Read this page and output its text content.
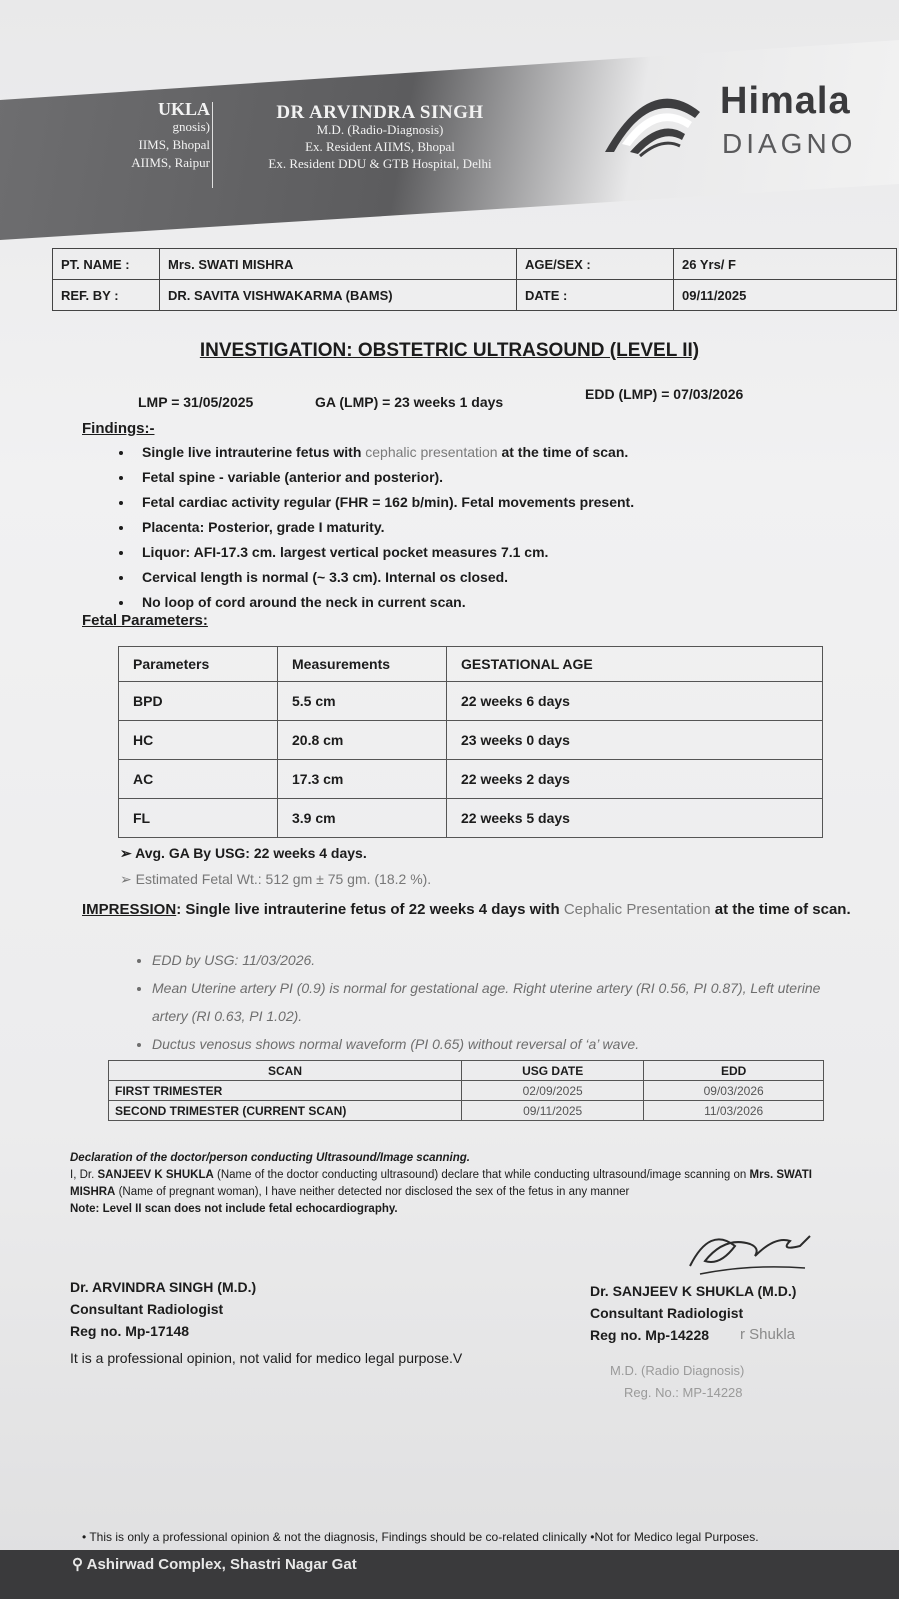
UKLA
gnosis)
IIMS, Bhopal
AIIMS, Raipur
DR ARVINDRA SINGH
M.D. (Radio-Diagnosis)
Ex. Resident AIIMS, Bhopal
Ex. Resident DDU & GTB Hospital, Delhi
Himala
DIAGNO
PT. NAME :	Mrs. SWATI MISHRA	AGE/SEX :	26 Yrs/ F
REF. BY :	DR. SAVITA VISHWAKARMA (BAMS)	DATE :	09/11/2025
INVESTIGATION: OBSTETRIC ULTRASOUND (LEVEL II)
LMP = 31/05/2025	GA (LMP) = 23 weeks 1 days	EDD (LMP) = 07/03/2026
Findings:-
• Single live intrauterine fetus with cephalic presentation at the time of scan.
• Fetal spine - variable (anterior and posterior).
• Fetal cardiac activity regular (FHR = 162 b/min). Fetal movements present.
• Placenta: Posterior, grade I maturity.
• Liquor: AFI-17.3 cm. largest vertical pocket measures 7.1 cm.
• Cervical length is normal (~ 3.3 cm). Internal os closed.
• No loop of cord around the neck in current scan.
Fetal Parameters:
Parameters	Measurements	GESTATIONAL AGE
BPD	5.5 cm	22 weeks 6 days
HC	20.8 cm	23 weeks 0 days
AC	17.3 cm	22 weeks 2 days
FL	3.9 cm	22 weeks 5 days
➢ Avg. GA By USG: 22 weeks 4 days.
➢ Estimated Fetal Wt.: 512 gm ± 75 gm. (18.2 %).
IMPRESSION: Single live intrauterine fetus of 22 weeks 4 days with Cephalic Presentation at the time of scan.
• EDD by USG: 11/03/2026.
• Mean Uterine artery PI (0.9) is normal for gestational age. Right uterine artery (RI 0.56, PI 0.87), Left uterine artery (RI 0.63, PI 1.02).
• Ductus venosus shows normal waveform (PI 0.65) without reversal of ‘a’ wave.
SCAN	USG DATE	EDD
FIRST TRIMESTER	02/09/2025	09/03/2026
SECOND TRIMESTER (CURRENT SCAN)	09/11/2025	11/03/2026
Declaration of the doctor/person conducting Ultrasound/Image scanning.
I, Dr. SANJEEV K SHUKLA (Name of the doctor conducting ultrasound) declare that while conducting ultrasound/image scanning on Mrs. SWATI MISHRA (Name of pregnant woman), I have neither detected nor disclosed the sex of the fetus in any manner
Note: Level II scan does not include fetal echocardiography.
Dr. ARVINDRA SINGH (M.D.)
Consultant Radiologist
Reg no. Mp-17148
It is a professional opinion, not valid for medico legal purpose.V
Dr. SANJEEV K SHUKLA (M.D.)
Consultant Radiologist
Reg no. Mp-14228	r Shukla
M.D. (Radio Diagnosis)
Reg. No.: MP-14228
• This is only a professional opinion & not the diagnosis, Findings should be co-related clinically •Not for Medico legal Purposes.
⚲ Ashirwad Complex, Shastri Nagar Gat
